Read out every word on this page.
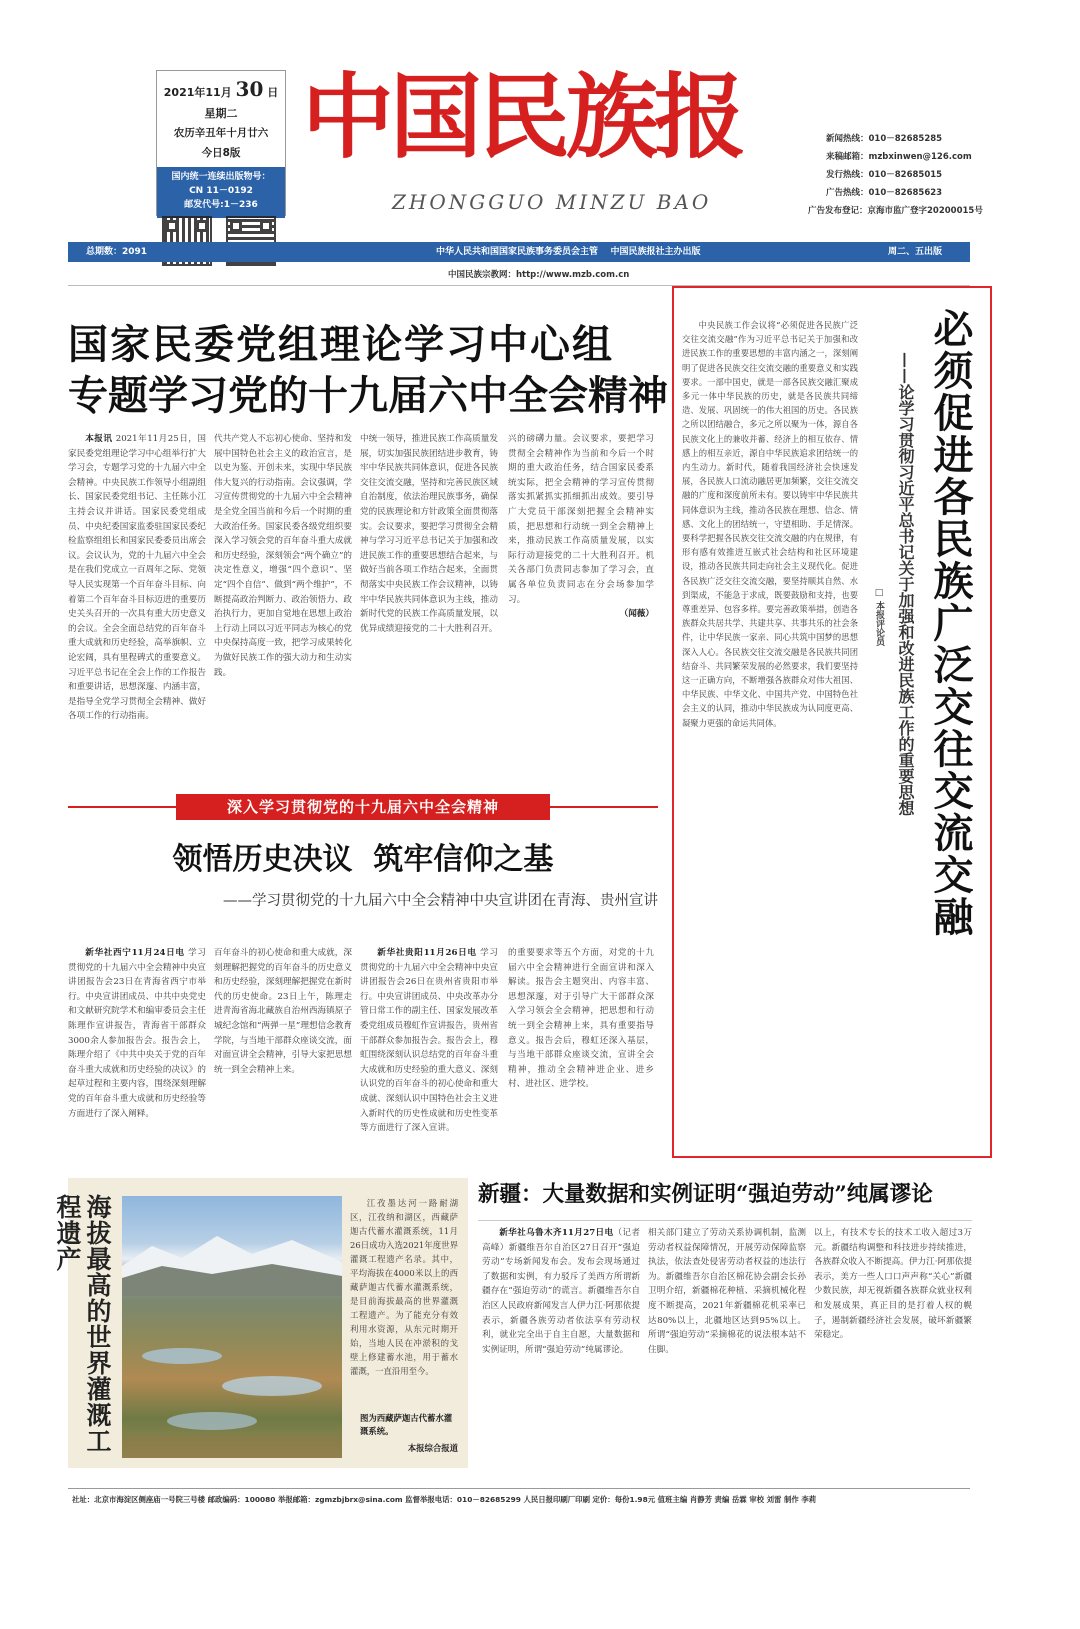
2021年11月 30 日
星期二
农历辛丑年十月廿六
今日8版
国内统一连续出版物号：
CN 11－0192
邮发代号:1－236
中国民族报
ZHONGGUO MINZU BAO
新闻热线：010－82685285
来稿邮箱：mzbxinwen@126.com
发行热线：010－82685015
广告热线：010－82685623
广告发布登记：京海市监广登字20200015号
总期数：2091	中华人民共和国国家民族事务委员会主管    中国民族报社主办出版	周二、五出版
中国民族宗教网：http://www.mzb.com.cn
国家民委党组理论学习中心组
专题学习党的十九届六中全会精神

本报讯 2021年11月25日，国家民委党组理论学习中心组举行扩大学习会，专题学习党的十九届六中全会精神。中央民族工作领导小组副组长、国家民委党组书记、主任陈小江主持会议并讲话。国家民委党组成员、中央纪委国家监委驻国家民委纪检监察组组长和国家民委委员出席会议。会议认为，党的十九届六中全会是在我们党成立一百周年之际、党领导人民实现第一个百年奋斗目标、向着第二个百年奋斗目标迈进的重要历史关头召开的一次具有重大历史意义的会议。全会全面总结党的百年奋斗重大成就和历史经验，高举旗帜、立论宏阔，具有里程碑式的重要意义。习近平总书记在全会上作的工作报告和重要讲话，思想深邃、内涵丰富，是指导全党学习贯彻全会精神、做好各项工作的行动指南。

代共产党人不忘初心使命、坚持和发展中国特色社会主义的政治宣言，是以史为鉴、开创未来，实现中华民族伟大复兴的行动指南。会议强调，学习宣传贯彻党的十九届六中全会精神是全党全国当前和今后一个时期的重大政治任务。国家民委各级党组织要深入学习领会党的百年奋斗重大成就和历史经验，深刻领会“两个确立”的决定性意义，增强“四个意识”、坚定“四个自信”、做到“两个维护”，不断提高政治判断力、政治领悟力、政治执行力，更加自觉地在思想上政治上行动上同以习近平同志为核心的党中央保持高度一致，把学习成果转化为做好民族工作的强大动力和生动实践。

中统一领导，推进民族工作高质量发展，切实加强民族团结进步教育，铸牢中华民族共同体意识，促进各民族交往交流交融，坚持和完善民族区域自治制度，依法治理民族事务，确保党的民族理论和方针政策全面贯彻落实。会议要求，要把学习贯彻全会精神与学习习近平总书记关于加强和改进民族工作的重要思想结合起来，与做好当前各项工作结合起来，全面贯彻落实中央民族工作会议精神，以铸牢中华民族共同体意识为主线，推动新时代党的民族工作高质量发展，以优异成绩迎接党的二十大胜利召开。

兴的磅礴力量。会议要求，要把学习贯彻全会精神作为当前和今后一个时期的重大政治任务，结合国家民委系统实际，把全会精神的学习宣传贯彻落实抓紧抓实抓细抓出成效。要引导广大党员干部深刻把握全会精神实质，把思想和行动统一到全会精神上来，推动民族工作高质量发展，以实际行动迎接党的二十大胜利召开。机关各部门负责同志参加了学习会，直属各单位负责同志在分会场参加学习。

（闻薇）
深入学习贯彻党的十九届六中全会精神
领悟历史决议  筑牢信仰之基
——学习贯彻党的十九届六中全会精神中央宣讲团在青海、贵州宣讲

新华社西宁11月24日电 学习贯彻党的十九届六中全会精神中央宣讲团报告会23日在青海省西宁市举行。中央宣讲团成员、中共中央党史和文献研究院学术和编审委员会主任陈理作宣讲报告，青海省干部群众3000余人参加报告会。报告会上，陈理介绍了《中共中央关于党的百年奋斗重大成就和历史经验的决议》的起草过程和主要内容，围绕深刻理解党的百年奋斗重大成就和历史经验等方面进行了深入阐释。

百年奋斗的初心使命和重大成就，深刻理解把握党的百年奋斗的历史意义和历史经验，深刻理解把握党在新时代的历史使命。23日上午，陈理走进青海省海北藏族自治州西海镇原子城纪念馆和“两弹一星”理想信念教育学院，与当地干部群众座谈交流，面对面宣讲全会精神，引导大家把思想统一到全会精神上来。

新华社贵阳11月26日电 学习贯彻党的十九届六中全会精神中央宣讲团报告会26日在贵州省贵阳市举行。中央宣讲团成员、中央改革办分管日常工作的副主任、国家发展改革委党组成员穆虹作宣讲报告，贵州省干部群众参加报告会。报告会上，穆虹围绕深刻认识总结党的百年奋斗重大成就和历史经验的重大意义、深刻认识党的百年奋斗的初心使命和重大成就、深刻认识中国特色社会主义进入新时代的历史性成就和历史性变革等方面进行了深入宣讲。

的重要要求等五个方面，对党的十九届六中全会精神进行全面宣讲和深入解读。报告会主题突出、内容丰富、思想深邃，对于引导广大干部群众深入学习领会全会精神，把思想和行动统一到全会精神上来，具有重要指导意义。报告会后，穆虹还深入基层，与当地干部群众座谈交流，宣讲全会精神，推动全会精神进企业、进乡村、进社区、进学校。

必须促进各民族广泛交往交流交融
——论学习贯彻习近平总书记关于加强和改进民族工作的重要思想
□ 本报评论员

中央民族工作会议将“必须促进各民族广泛交往交流交融”作为习近平总书记关于加强和改进民族工作的重要思想的丰富内涵之一，深刻阐明了促进各民族交往交流交融的重要意义和实践要求。一部中国史，就是一部各民族交融汇聚成多元一体中华民族的历史，就是各民族共同缔造、发展、巩固统一的伟大祖国的历史。各民族之所以团结融合，多元之所以聚为一体，源自各民族文化上的兼收并蓄、经济上的相互依存、情感上的相互亲近，源自中华民族追求团结统一的内生动力。新时代，随着我国经济社会快速发展，各民族人口流动融居更加频繁，交往交流交融的广度和深度前所未有。要以铸牢中华民族共同体意识为主线，推动各民族在理想、信念、情感、文化上的团结统一，守望相助、手足情深。要科学把握各民族交往交流交融的内在规律，有形有感有效推进互嵌式社会结构和社区环境建设，推动各民族共同走向社会主义现代化。促进各民族广泛交往交流交融，要坚持顺其自然、水到渠成，不能急于求成，既要鼓励和支持，也要尊重差异、包容多样。要完善政策举措，创造各族群众共居共学、共建共享、共事共乐的社会条件，让中华民族一家亲、同心共筑中国梦的思想深入人心。各民族交往交流交融是各民族共同团结奋斗、共同繁荣发展的必然要求，我们要坚持这一正确方向，不断增强各族群众对伟大祖国、中华民族、中华文化、中国共产党、中国特色社会主义的认同，推动中华民族成为认同度更高、凝聚力更强的命运共同体。

海拔最高的世界灌溉工程遗产	江孜墨达河一路耐湖区，江孜纳和湖区，西藏萨迦古代蓄水灌溉系统，11月26日成功入选2021年度世界灌溉工程遗产名录。其中，平均海拔在4000米以上的西藏萨迦古代蓄水灌溉系统，是目前海拔最高的世界灌溉工程遗产。为了能充分有效利用水资源，从东元时期开始，当地人民在冲淤积的戈壁上修建蓄水池，用于蓄水灌溉，一直沿用至今。

图为西藏萨迦古代蓄水灌溉系统。
本报综合报道
新疆：大量数据和实例证明“强迫劳动”纯属谬论

新华社乌鲁木齐11月27日电（记者高峰）新疆维吾尔自治区27日召开“强迫劳动”专场新闻发布会。发布会现场通过了数据和实例，有力驳斥了美西方所谓新疆存在“强迫劳动”的谎言。新疆维吾尔自治区人民政府新闻发言人伊力江·阿那依提表示，新疆各族劳动者依法享有劳动权利，就业完全出于自主自愿，大量数据和实例证明，所谓“强迫劳动”纯属谬论。

相关部门建立了劳动关系协调机制，监测劳动者权益保障情况，开展劳动保障监察执法，依法查处侵害劳动者权益的违法行为。新疆维吾尔自治区棉花协会副会长孙卫明介绍，新疆棉花种植、采摘机械化程度不断提高，2021年新疆棉花机采率已达80%以上，北疆地区达到95%以上。所谓“强迫劳动”采摘棉花的说法根本站不住脚。

以上，有技术专长的技术工收入超过3万元。新疆结构调整和科技进步持续推进，各族群众收入不断提高。伊力江·阿那依提表示，美方一些人口口声声称“关心”新疆少数民族，却无视新疆各族群众就业权利和发展成果，真正目的是打着人权的幌子，遏制新疆经济社会发展，破坏新疆繁荣稳定。

社址：北京市海淀区侧座庙一号院三号楼 邮政编码：100080 举报邮箱：zgmzbjbrx@sina.com 监督举报电话：010－82685299 人民日报印刷厂印刷 定价：每份1.98元 值班主编 肖静芳 责编 岳霖 审校 刘雷 制作 李莉
